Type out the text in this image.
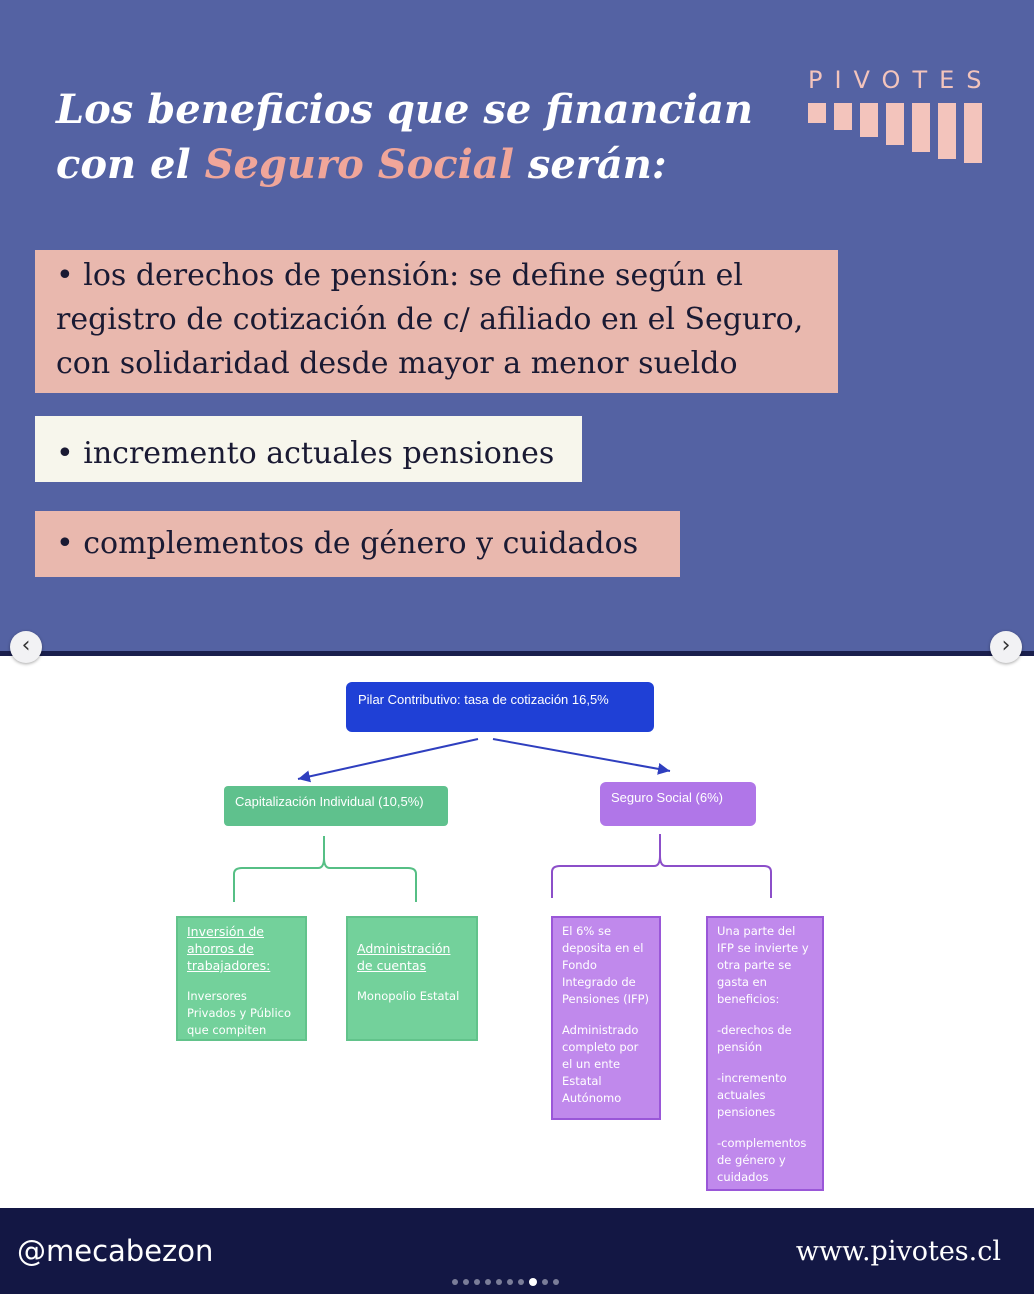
Los beneficios que se financian
con el Seguro Social serán:
PIVOTES
• los derechos de pensión: se define según el
registro de cotización de c/ afiliado en el Seguro,
con solidaridad desde mayor a menor sueldo
• incremento actuales pensiones
• complementos de género y cuidados
‹	›
Pilar Contributivo: tasa de cotización 16,5%
Capitalización Individual (10,5%)	Seguro Social (6%)

Inversión de ahorros de trabajadores:

Inversores Privados y Público que compiten

Administración de cuentas

Monopolio Estatal

El 6% se deposita en el Fondo Integrado de Pensiones (IFP)

Administrado completo por el un ente Estatal Autónomo

Una parte del IFP se invierte y otra parte se gasta en beneficios:

-derechos de pensión

-incremento actuales pensiones

-complementos de género y cuidados

@mecabezon	www.pivotes.cl
